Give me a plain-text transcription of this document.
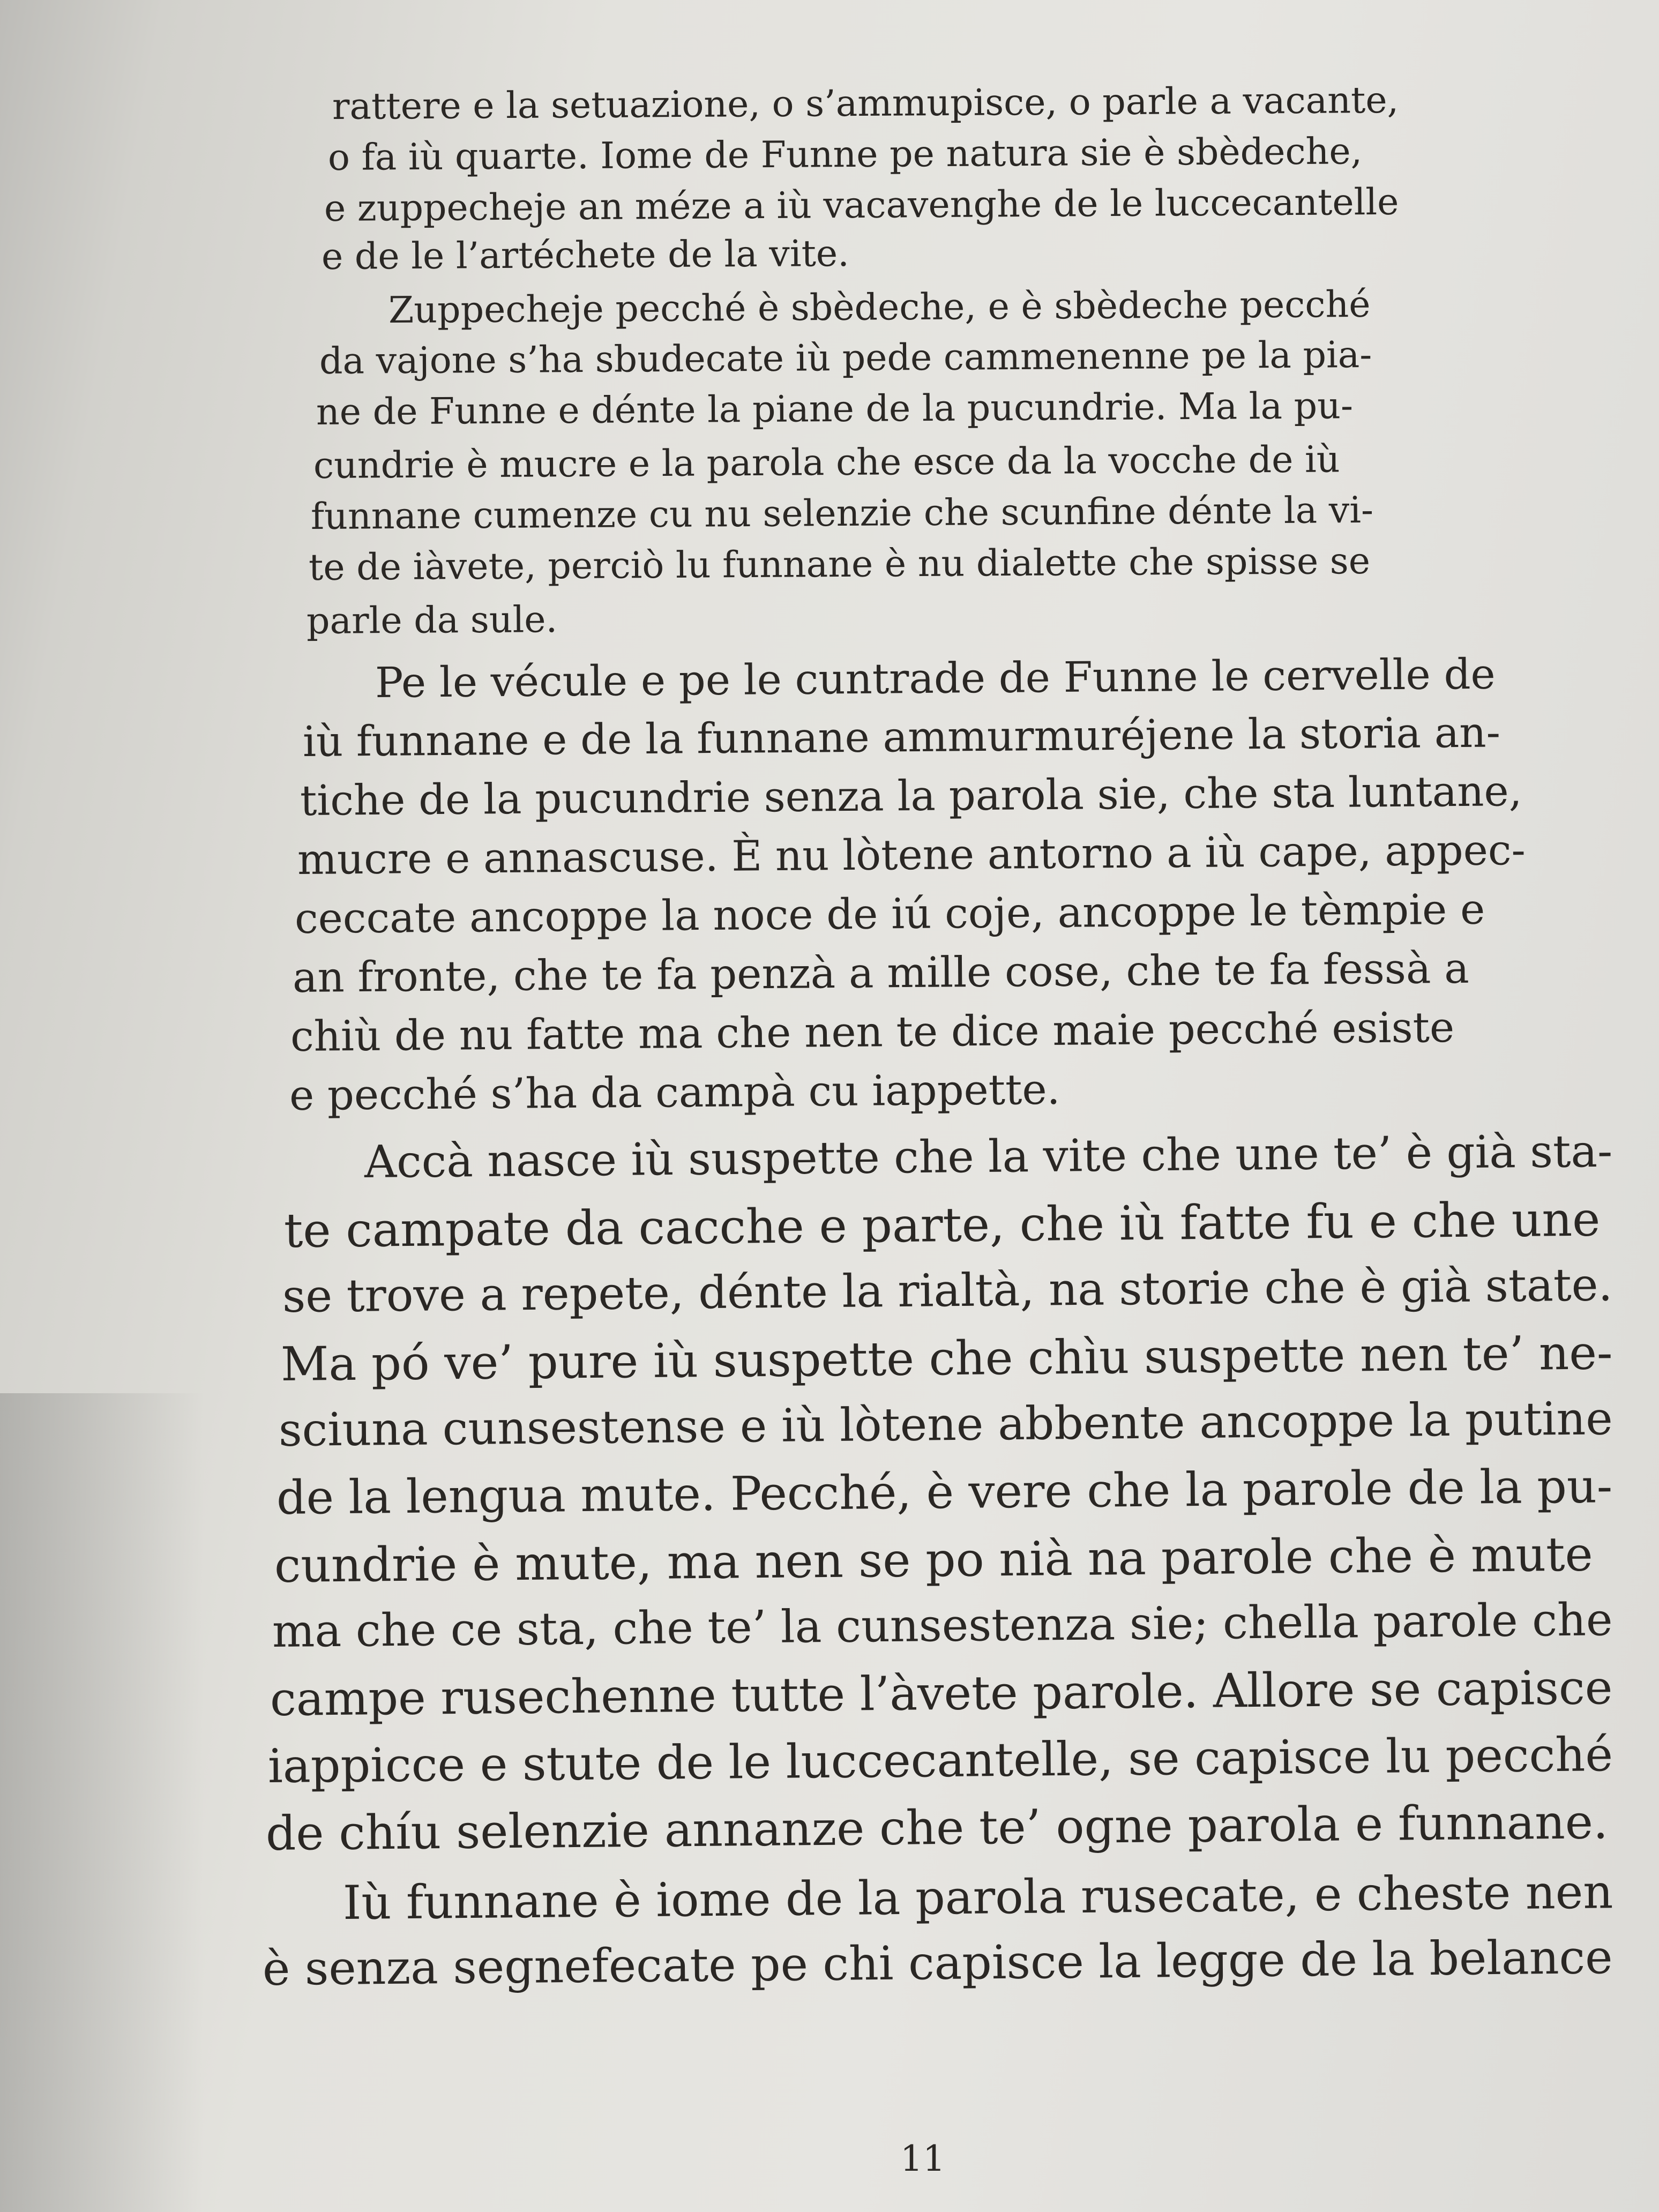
rattere e la setuazione, o s’ammupisce, o parle a vacante,

o fa iù quarte. Iome de Funne pe natura sie è sbèdeche,

e zuppecheje an méze a iù vacavenghe de le luccecantelle

e de le l’artéchete de la vite.

Zuppecheje pecché è sbèdeche, e è sbèdeche pecché

da vajone s’ha sbudecate iù pede cammenenne pe la pia-

ne de Funne e dénte la piane de la pucundrie. Ma la pu-

cundrie è mucre e la parola che esce da la vocche de iù

funnane cumenze cu nu selenzie che scunfine dénte la vi-

te de iàvete, perciò lu funnane è nu dialette che spisse se

parle da sule.

Pe le vécule e pe le cuntrade de Funne le cervelle de

iù funnane e de la funnane ammurmuréjene la storia an-

tiche de la pucundrie senza la parola sie, che sta luntane,

mucre e annascuse. È nu lòtene antorno a iù cape, appec-

ceccate ancoppe la noce de iú coje, ancoppe le tèmpie e

an fronte, che te fa penzà a mille cose, che te fa fessà a

chiù de nu fatte ma che nen te dice maie pecché esiste

e pecché s’ha da campà cu iappette.

Accà nasce iù suspette che la vite che une te’ è già sta-

te campate da cacche e parte, che iù fatte fu e che une

se trove a repete, dénte la rialtà, na storie che è già state.

Ma pó ve’ pure iù suspette che chìu suspette nen te’ ne-

sciuna cunsestense e iù lòtene abbente ancoppe la putine

de la lengua mute. Pecché, è vere che la parole de la pu-

cundrie è mute, ma nen se po nià na parole che è mute

ma che ce sta, che te’ la cunsestenza sie; chella parole che

campe rusechenne tutte l’àvete parole. Allore se capisce

iappicce e stute de le luccecantelle, se capisce lu pecché

de chíu selenzie annanze che te’ ogne parola e funnane.

Iù funnane è iome de la parola rusecate, e cheste nen

è senza segnefecate pe chi capisce la legge de la belance

11
